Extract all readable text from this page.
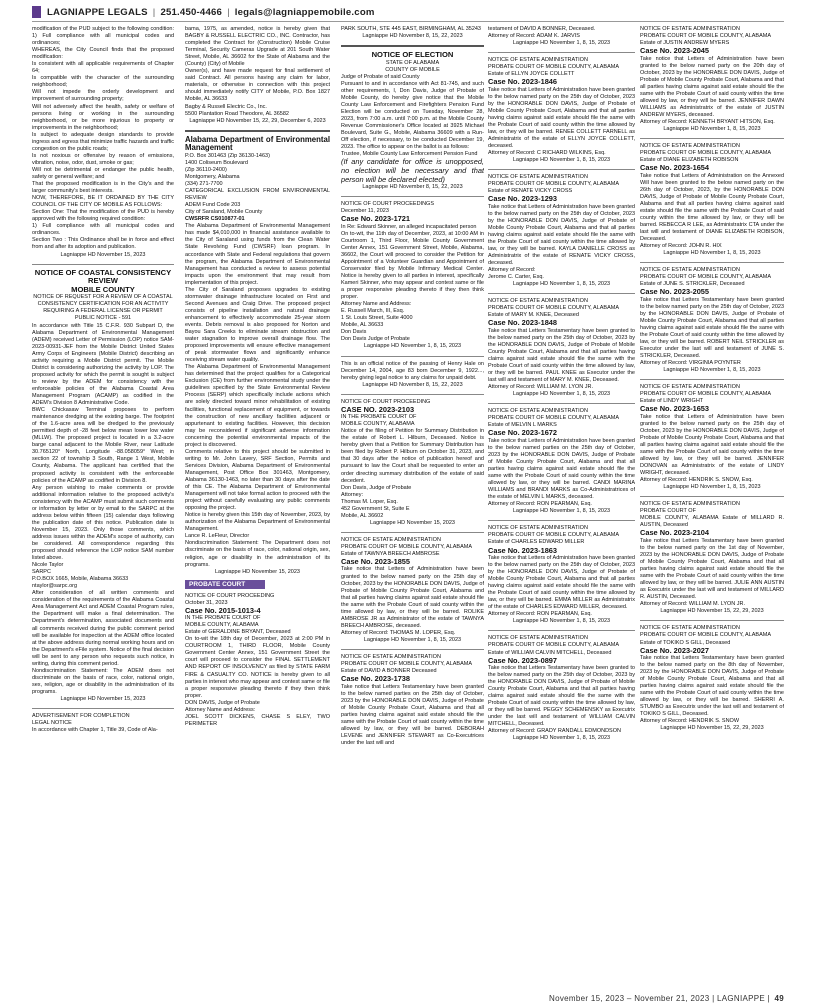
LAGNIAPPE LEGALS | 251.450-4466 | legals@lagniappemobile.com

modification of the PUD subject to the following condition: 1) Full compliance with all municipal codes and ordinances;

WHEREAS, the City Council finds that the proposed modification:

Is consistent with all applicable requirements of Chapter 64;

Is compatible with the character of the surrounding neighborhood;

Will not impede the orderly development and improvement of surrounding property;

Will not adversely affect the health, safety or welfare of persons living or working in the surrounding neighborhood, or be more injurious to property or improvements in the neighborhood;

Is subject to adequate design standards to provide ingress and egress that minimize traffic hazards and traffic congestion on the public roads;

Is not noxious or offensive by reason of emissions, vibration, noise, odor, dust, smoke or gas;

Will not be detrimental or endanger the public health, safety or general welfare; and

That the proposed modification is in the City's and the larger community's best interests.

NOW, THEREFORE, BE IT ORDAINED BY THE CITY COUNCIL OF THE CITY OF MOBILE AS FOLLOWS:

Section One: That the modification of the PUD is hereby approved with the following required condition:

1) Full compliance with all municipal codes and ordinances.

Section Two : This Ordinance shall be in force and effect from and after its adoption and publication.

Lagniappe HD November 15, 2023

NOTICE OF COASTAL CONSISTENCY REVIEW

MOBILE COUNTY

NOTICE OF REQUEST FOR A REVIEW OF A COASTAL CONSISTENCY CERTIFICATION FOR AN ACTIVITY REQUIRING A FEDERAL LICENSE OR PERMIT

PUBLIC NOTICE - 591

In accordance with Title 15 C.F.R. 930 Subpart D, the Alabama Department of Environmental Management (ADEM) received Letter of Permission (LOP) notice SAM-2023-00931-JEF from the Mobile District United States Army Corps of Engineers (Mobile District) describing an activity requiring a Mobile District permit. The Mobile District is considering authorizing the activity by LOP. The proposed activity for which the permit is sought is subject to review by the ADEM for consistency with the enforceable policies of the Alabama Coastal Area Management Program (ACAMP) as codified in the ADEM's Division 8 Administrative Code.

BWC Chickasaw Terminal proposes to perform maintenance dredging at the existing barge. The footprint of the 1.6-acre area will be dredged to the previously permitted depth of -28 feet below mean lower low water (MLLW). The proposed project is located in a 3.2-acre barge canal adjacent to the Mobile River, near Latitude 30.765120° North, Longitude -88.058059° West; in section 22 of township 3 South, Range 1 West, Mobile County, Alabama. The applicant has certified that the proposed activity is consistent with the enforceable policies of the ACAMP as codified in Division 8.

Any person wishing to make comments or provide additional information relative to the proposed activity's consistency with the ACAMP must submit such comments or information by letter or by email to the SARPC at the address below within fifteen (15) calendar days following the publication date of this notice. Publication date is November 15, 2023. Only those comments, which address issues within the ADEM's scope of authority, can be considered. All correspondence regarding this proposed should reference the LOP notice SAM number listed above.

Nicole Taylor

SARPC

P.O.BOX 1665, Mobile, Alabama 36633

ntaylor@sarpc.org

After consideration of all written comments and consideration of the requirements of the Alabama Coastal Area Management Act and ADEM Coastal Program rules, the Department will make a final determination. The Department's determination, associated documents and all comments received during the public comment period will be available for inspection at the ADEM office located at the above address during normal working hours and on the Department's eFile system. Notice of the final decision will be sent to any person who requests such notice, in writing, during this comment period.

Nondiscrimination Statement: The ADEM does not discriminate on the basis of race, color, national origin, sex, religion, age or disability in the administration of its programs.

Lagniappe HD November 15, 2023

ADVERTISEMENT FOR COMPLETION

LEGAL NOTICE

In accordance with Chapter 1, Title 39, Code of Ala-

bama, 1975, as amended, notice is hereby given that BAGBY & RUSSELL ELECTRIC CO., INC. Contractor, has completed the Contract for (Construction) Mobile Cruise Terminal, Security Cameras Upgrade at 201 South Water Street, Mobile, AL 36602 for the State of Alabama and the (County) (City) of Mobile

Owner(s), and have made request for final settlement of said Contract. All persons having any claim for labor, materials, or otherwise in connection with this project should immediately notify CITY of Mobile, P.O. Box 1827 Mobile, AL 36633

Bagby & Russell Electric Co., Inc.

5500 Plantation Road Theodore, AL 36582

Lagniappe HD November 15, 22, 29, December 6, 2023

Alabama Department of Environmental Management

P.O. Box 301463 (Zip 36130-1463)

1400 Coliseum Boulevard

(Zip 36110-2400)

Montgomery, Alabama

(334) 271-7700

CATEGORICAL EXCLUSION FROM ENVIRONMENTAL REVIEW

ADEM Fund Code 203

City of Saraland, Mobile County

CWSRFR CS010877-01

The Alabama Department of Environmental Management has made $4,010,000 in financial assistance available to the City of Saraland using funds from the Clean Water State Revolving Fund (CWSRF) loan program. In accordance with State and Federal regulations that govern the program, the Alabama Department of Environmental Management has conducted a review to assess potential impacts upon the environment that may result from implementation of this project.

The City of Saraland proposes upgrades to existing stormwater drainage infrastructure located on First and Second Avenues and Craig Drive. The proposed project consists of pipeline installation and natural drainage enhancement to effectively accommodate 25-year storm events. Debris removal is also proposed for Norton and Bayou Sara Creeks to eliminate stream obstruction and water stagnation to improve overall drainage flow. The proposed improvements will ensure effective management of peak stormwater flows and significantly enhance receiving stream water quality.

The Alabama Department of Environmental Management has determined that the project qualifies for a Categorical Exclusion (CE) from further environmental study under the guidelines specified by the State Environmental Review Process (SERP) which specifically include actions which are solely directed toward minor rehabilitation of existing facilities, functional replacement of equipment, or towards the construction of new ancillary facilities adjacent or appurtenant to existing facilities. However, this decision may be reconsidered if significant adverse information concerning the potential environmental impacts of the project is discovered.

Comments relative to this project should be submitted in writing to Mr. John Lavery, SRF Section, Permits and Services Division, Alabama Department of Environmental Management, Post Office Box 301463, Montgomery, Alabama 36130-1463, no later than 30 days after the date of this CE. The Alabama Department of Environmental Management will not take formal action to proceed with the project without carefully evaluating any public comments opposing the project.

Notice is hereby given this 15th day of November, 2023, by authorization of the Alabama Department of Environmental Management.

Lance R. LeFleur, Director

Nondiscrimination Statement: The Department does not discriminate on the basis of race, color, national origin, sex, religion, age or disability in the administration of its programs.

Lagniappe HD November 15, 2023

PROBATE COURT

NOTICE OF COURT PROCEEDING

October 31, 2023

Case No. 2015-1013-4

IN THE PROBATE COURT OF

MOBILE COUNTY, ALABAMA

Estate of GERALDINE BRYANT, Deceased

On to-wit the 18th day of December, 2023 at 2:00 PM in COURTROOM 1, THIRD FLOOR, Mobile County Government Center Annex, 151 Government Street the court will proceed to consider the FINAL SETTLEMENT AND REPORT OF INSOLVENCY as filed by STATE FARM FIRE & CASUALTY CO. NOTICE is hereby given to all parties in interest who may appear and contest same or file a proper responsive pleading thereto if they then think proper.

DON DAVIS, Judge of Probate

Attorney Name and Address:

JOEL SCOTT DICKENS, CHASE S ELEY, TWO PERIMETER

PARK SOUTH, STE 445 EAST, BIRMINGHAM, AL 35243

Lagniappe HD November 8, 15, 22, 2023

NOTICE OF ELECTION

STATE OF ALABAMA

COUNTY OF MOBILE

Judge of Probate of said County

Pursuant to and in accordance with Act 81-745, and such other requirements, I, Don Davis, Judge of Probate of Mobile County, do hereby give notice that the Mobile County Law Enforcement and Firefighters Pension Fund Election will be conducted on Tuesday, November 28, 2023, from 7:00 a.m. until 7:00 p.m. at the Mobile County Revenue Commissioner's Office located at 3925 Michael Boulevard, Suite G., Mobile, Alabama 36609 with a Run-Off election, if necessary, to be conducted December 19, 2023. The office to appear on the ballot is as follows:

Trustee, Mobile County Law Enforcement Pension Fund

(If any candidate for office is unopposed, no election will be necessary and that person will be declared elected)

Lagniappe HD November 8, 15, 22, 2023

NOTICE OF COURT PROCEEDINGS

December 11, 2023

Case No. 2023-1721

In Re: Edward Skinner, an alleged incapacitated person

On to-wit, the 11th day of December, 2023, at 10:00 AM in Courtroom 1, Third Floor, Mobile County Government Center Annex, 151 Government Street, Mobile, Alabama, 36602, the Court will proceed to consider the Petition for Appointment of a Volunteer Guardian and Appointment of Conservator filed by Mobile Infirmary Medical Center. Notice is hereby given to all parties in interest, specifically Kameri Skinner, who may appear and contest same or file a proper responsive pleading thereto if they then think proper.

Attorney Name and Address:

E. Russell March, III, Esq.

1 St. Louis Street, Suite 4000

Mobile, AL 36633

Don Davis

Don Davis Judge of Probate

Lagniappe HD November 1, 8, 15, 2023

This is an official notice of the passing of Henry Hale on December 14, 2004, age 83 born December 9, 1922..., hereby giving legal notice to any claims for unpaid debt.

Lagniappe HD November 8, 15, 22, 2023

NOTICE OF COURT PROCEEDING

CASE NO. 2023-2103

IN THE PROBATE COURT OF

MOBILE COUNTY, ALABAMA

Notice of the filing of Petition for Summary Distribution in the estate of Robert L. Hilburn, Deceased. Notice is hereby given that a Petition for Summary Distribution has been filed by Robert P. Hilburn on October 31, 2023, and that 30 days after the notice of publication hereof and pursuant to law the Court shall be requested to enter an order directing summary distribution of the estate of said decedent.

Don Davis, Judge of Probate

Attorney:

Thomas M. Loper, Esq.

452 Government St, Suite E

Mobile, AL 36602

Lagniappe HD November 15, 2023

NOTICE OF ESTATE ADMINISTRATION

PROBATE COURT OF MOBILE COUNTY, ALABAMA

Estate of TAWNYA BREECH AMBROSE

Case No. 2023-1855

Take notice that Letters of Administration have been granted to the below named party on the 25th day of October, 2023 by the HONORABLE DON DAVIS, Judge of Probate of Mobile County Probate Court, Alabama and that all parties having claims against said estate should file the same with the Probate Court of said county within the time allowed by law, or they will be barred. ROLIKE AMBROSE JR as Administrator of the estate of TAWNYA BREECH AMBROSE, deceased.

Attorney of Record: THOMAS M. LOPER, Esq.

Lagniappe HD November 1, 8, 15, 2023

NOTICE OF ESTATE ADMINISTRATION

PROBATE COURT OF MOBILE COUNTY, ALABAMA

Estate of DAVID A BONNER Deceased

Case No. 2023-1738

Take notice that Letters Testamentary have been granted to the below named parties on the 25th day of October, 2023 by the HONORABLE DON DAVIS, Judge of Probate of Mobile County Probate Court, Alabama and that all parties having claims against said estate should file the same with the Probate Court of said county within the time allowed by law, or they will be barred. DEBORAH LEVENE and JENNIFER STEWART as Co-Executrices under the last will and

testament of DAVID A BONNER, Deceased.

Attorney of Record: ADAM K. JARVIS

Lagniappe HD November 1, 8, 15, 2023

NOTICE OF ESTATE ADMINISTRATION

PROBATE COURT OF MOBILE COUNTY, ALABAMA

Estate of ELLYN JOYCE COLLETT

Case No. 2023-1846

Take notice that Letters of Administration have been granted to the below named party on the 25th day of October, 2023 by the HONORABLE DON DAVIS, Judge of Probate of Mobile County Probate Court, Alabama and that all parties having claims against said estate should file the same with the Probate Court of said county within the time allowed by law, or they will be barred. RENEE COLLETT FARNELL as Administratrix of the estate of ELLYN JOYCE COLLETT, deceased.

Attorney of Record: C RICHARD WILKINS, Esq.

Lagniappe HD November 1, 8, 15, 2023

NOTICE OF ESTATE ADMINISTRATION

PROBATE COURT OF MOBILE COUNTY, ALABAMA

Estate of RENATE VICKY CROSS

Case No. 2023-1293

Take notice that Letters of Administration have been granted to the below named party on the 25th day of October, 2023 by the HONORABLE DON DAVIS, Judge of Probate of Mobile County Probate Court, Alabama and that all parties having claims against said estate should file the same with the Probate Court of said county within the time allowed by law, or they will be barred. KAYLA DANIELLE CROSS as Administratrix of the estate of RENATE VICKY CROSS, deceased.

Attorney of Record:

Jerome C. Carter, Esq.

Lagniappe HD November 1, 8, 15, 2023

NOTICE OF ESTATE ADMINISTRATION

PROBATE COURT OF MOBILE COUNTY, ALABAMA

Estate of MARY M. KNEE, Deceased

Case No. 2023-1848

Take notice that Letters Testamentary have been granted to the below named party on the 25th day of October, 2023 by the HONORABLE DON DAVIS, Judge of Probate of Mobile County Probate Court, Alabama and that all parties having claims against said estate should file the same with the Probate Court of said county within the time allowed by law, or they will be barred. PAUL KNEE as Executor under the last will and testament of MARY M. KNEE, Deceased.

Attorney of Record: WILLIAM M. LYON JR.

Lagniappe HD November 1, 8, 15, 2023

NOTICE OF ESTATE ADMINISTRATION

PROBATE COURT OF MOBILE COUNTY, ALABAMA

Estate of MELVIN L MARKS

Case No. 2023-1672

Take notice that Letters of Administration have been granted to the below named parties on the 25th day of October, 2023 by the HONORABLE DON DAVIS, Judge of Probate of Mobile County Probate Court, Alabama and that all parties having claims against said estate should file the same with the Probate Court of said county within the time allowed by law, or they will be barred. CANDI MARINA WILLIAMS and BRANDI MARKS as Co-Administratrices of the estate of MELVIN L MARKS, deceased.

Attorney of Record: RON PEARMAN, Esq.

Lagniappe HD November 1, 8, 15, 2023

NOTICE OF ESTATE ADMINISTRATION

PROBATE COURT OF MOBILE COUNTY, ALABAMA

Estate of CHARLES EDWARD MILLER

Case No. 2023-1863

Take notice that Letters of Administration have been granted to the below named party on the 25th day of October, 2023 by the HONORABLE DON DAVIS, Judge of Probate of Mobile County Probate Court, Alabama and that all parties having claims against said estate should file the same with the Probate Court of said county within the time allowed by law, or they will be barred. EMMA MILLER as Administratrix of the estate of CHARLES EDWARD MILLER, deceased.

Attorney of Record: RON PEARMAN, Esq.

Lagniappe HD November 1, 8, 15, 2023

NOTICE OF ESTATE ADMINISTRATION

PROBATE COURT OF MOBILE COUNTY, ALABAMA

Estate of WILLIAM CALVIN MITCHELL, Deceased

Case No. 2023-0897

Take notice that Letters Testamentary have been granted to the below named party on the 25th day of October, 2023 by the HONORABLE DON DAVIS, Judge of Probate of Mobile County Probate Court, Alabama and that all parties having claims against said estate should file the same with the Probate Court of said county within the time allowed by law, or they will be barred. PEGGY SCHEMENSKY as Executrix under the last will and testament of WILLIAM CALVIN MITCHELL, Deceased.

Attorney of Record: GRADY RANDALL EDMONDSON

Lagniappe HD November 1, 8, 15, 2023

NOTICE OF ESTATE ADMINISTRATION

PROBATE COURT OF MOBILE COUNTY, ALABAMA

Estate of JUSTIN ANDREW MYERS

Case No. 2023-2045

Take notice that Letters of Administration have been granted to the below named party on the 20th day of October, 2023 by the HONORABLE DON DAVIS, Judge of Probate of Mobile County Probate Court, Alabama and that all parties having claims against said estate should file the same with the Probate Court of said county within the time allowed by law, or they will be barred. JENNIFER DAWN WILLIAMS as Administratrix of the estate of JUSTIN ANDREW MYERS, deceased.

Attorney of Record: KENNETH BRYANT HITSON, Esq.

Lagniappe HD November 1, 8, 15, 2023

NOTICE OF ESTATE ADMINISTRATION

PROBATE COURT OF MOBILE COUNTY, ALABAMA

Estate of DIANE ELIZABETH ROBISON

Case No. 2023-1654

Take notice that Letters of Administration on the Annexed Will have been granted to the below named party on the 26th day of October, 2023, by the HONORABLE DON DAVIS, Judge of Probate of Mobile County Probate Court, Alabama and that all parties having claims against said estate should file the same with the Probate Court of said county within the time allowed by law, or they will be barred. REBECCA R LEE, as Administratrix CTA under the last will and testament of DIANE ELIZABETH ROBISON, Deceased.

Attorney of Record: JOHN R. HIX

Lagniappe HD November 1, 8, 15, 2023

NOTICE OF ESTATE ADMINISTRATION

PROBATE COURT OF MOBILE COUNTY, ALABAMA

Estate of JUNE S. STRICKLER, Deceased

Case No. 2023-2055

Take notice that Letters Testamentary have been granted to the below named party on the 25th day of October, 2023 by the HONORABLE DON DAVIS, Judge of Probate of Mobile County Probate Court, Alabama and that all parties having claims against said estate should file the same with the Probate Court of said county within the time allowed by law, or they will be barred. ROBERT NEIL STRICKLER as Executor under the last will and testament of JUNE S. STRICKLER, Deceased.

Attorney of Record: VIRGINIA POYNTER

Lagniappe HD November 1, 8, 15, 2023

NOTICE OF ESTATE ADMINISTRATION

PROBATE COURT OF MOBILE COUNTY, ALABAMA

Estate of LINDY WRIGHT

Case No. 2023-1653

Take notice that Letters of Administration have been granted to the below named party on the 25th day of October, 2023 by the HONORABLE DON DAVIS, Judge of Probate of Mobile County Probate Court, Alabama and that all parties having claims against said estate should file the same with the Probate Court of said county within the time allowed by law, or they will be barred. JENNIFER DONOVAN as Administratrix of the estate of LINDY WRIGHT, deceased.

Attorney of Record: HENDRIK S. SNOW, Esq.

Lagniappe HD November 1, 8, 15, 2023

NOTICE OF ESTATE ADMINISTRATION

PROBATE COURT OF

MOBILE COUNTY, ALABAMA Estate of MILLARD R. AUSTIN, Deceased

Case No. 2023-2104

Take notice that Letters Testamentary have been granted to the below named party on the 1st day of November, 2023 by the HONORABLE DON DAVIS, Judge of Probate of Mobile County Probate Court, Alabama and that all parties having claims against said estate should file the same with the Probate Court of said county within the time allowed by law, or they will be barred. JULIE ANN AUSTIN as Executrix under the last will and testament of MILLARD R. AUSTIN, Deceased.

Attorney of Record: WILLIAM M. LYON JR.

Lagniappe HD November 15, 22, 29, 2023

NOTICE OF ESTATE ADMINISTRATION

PROBATE COURT OF MOBILE COUNTY, ALABAMA

Estate of TOKIKO S GILL, Deceased

Case No. 2023-2027

Take notice that Letters Testamentary have been granted to the below named party on the 8th day of November, 2023 by the HONORABLE DON DAVIS, Judge of Probate of Mobile County Probate Court, Alabama and that all parties having claims against said estate should file the same with the Probate Court of said county within the time allowed by law, or they will be barred. SHERRI A. STUMBO as Executrix under the last will and testament of TOKIKO S GILL, Deceased.

Attorney of Record: HENDRIK S. SNOW

Lagniappe HD November 15, 22, 29, 2023

November 15, 2023 – November 21, 2023 | LAGNIAPPE | 49
